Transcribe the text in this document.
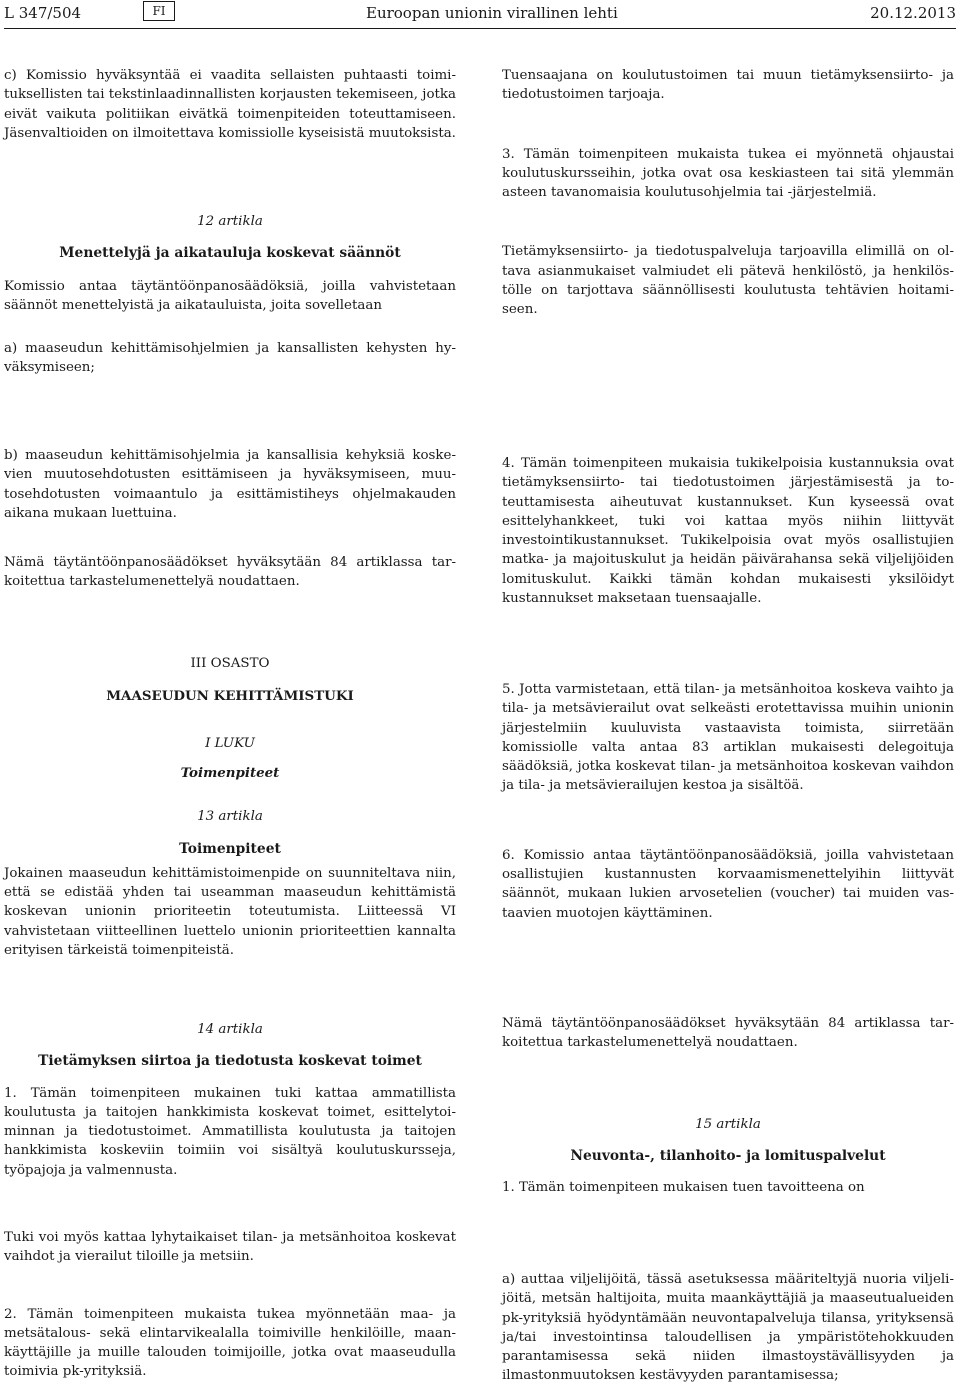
L 347/504	FI	Euroopan unionin virallinen lehti	20.12.2013

c) Komissio hyväksyntää ei vaadita sellaisten puhtaasti toimituksellisten tai tekstinlaadinnallisten korjausten tekemiseen, jotka eivät vaikuta politiikan eivätkä toimenpiteiden toteuttamiseen. Jäsenvaltioiden on ilmoitettava komissiolle kyseisistä muutoksista.

12 artikla

Menettelyjä ja aikatauluja koskevat säännöt

Komissio antaa täytäntöönpanosäädöksiä, joilla vahvistetaan säännöt menettelyistä ja aikatauluista, joita sovelletaan

a) maaseudun kehittämisohjelmien ja kansallisten kehysten hyväksymiseen;

Tuensaajana on koulutustoimen tai muun tietämyksensiirto- ja tiedotustoimen tarjoaja.

3. Tämän toimenpiteen mukaista tukea ei myönnetä ohjaustai koulutuskursseihin, jotka ovat osa keskiasteen tai sitä ylemmän asteen tavanomaisia koulutusohjelmia tai -järjestelmiä.

Tietämyksensiirto- ja tiedotuspalveluja tarjoavilla elimillä on oltava asianmukaiset valmiudet eli pätevä henkilöstö, ja henkilöstölle on tarjottava säännöllisesti koulutusta tehtävien hoitamiseen.

b) maaseudun kehittämisohjelmia ja kansallisia kehyksiä koskevien muutosehdotusten esittämiseen ja hyväksymiseen, muutosehdotusten voimaantulo ja esittämistiheys ohjelmakauden aikana mukaan luettuina.

Nämä täytäntöönpanosäädökset hyväksytään 84 artiklassa tarkoitettua tarkastelumenettelyä noudattaen.

4. Tämän toimenpiteen mukaisia tukikelpoisia kustannuksia ovat tietämyksensiirto- tai tiedotustoimen järjestämisestä ja toteuttamisesta aiheutuvat kustannukset. Kun kyseessä ovat esittelyhankkeet, tuki voi kattaa myös niihin liittyvät investointikustannukset. Tukikelpoisia ovat myös osallistujien matka- ja majoituskulut ja heidän päivärahansa sekä viljelijöiden lomituskulut. Kaikki tämän kohdan mukaisesti yksilöidyt kustannukset maksetaan tuensaajalle.

III OSASTO

MAASEUDUN KEHITTÄMISTUKI

I LUKU

Toimenpiteet

13 artikla

Toimenpiteet

Jokainen maaseudun kehittämistoimenpide on suunniteltava niin, että se edistää yhden tai useamman maaseudun kehittämistä koskevan unionin prioriteetin toteutumista. Liitteessä VI vahvistetaan viitteellinen luettelo unionin prioriteettien kannalta erityisen tärkeistä toimenpiteistä.

5. Jotta varmistetaan, että tilan- ja metsänhoitoa koskeva vaihto ja tila- ja metsävierailut ovat selkeästi erotettavissa muihin unionin järjestelmiin kuuluvista vastaavista toimista, siirretään komissiolle valta antaa 83 artiklan mukaisesti delegoituja säädöksiä, jotka koskevat tilan- ja metsänhoitoa koskevan vaihdon ja tila- ja metsävierailujen kestoa ja sisältöä.

6. Komissio antaa täytäntöönpanosäädöksiä, joilla vahvistetaan osallistujien kustannusten korvaamismenettelyihin liittyvät säännöt, mukaan lukien arvosetelien (voucher) tai muiden vastaavien muotojen käyttäminen.

14 artikla

Tietämyksen siirtoa ja tiedotusta koskevat toimet

1. Tämän toimenpiteen mukainen tuki kattaa ammatillista koulutusta ja taitojen hankkimista koskevat toimet, esittelytoiminnan ja tiedotustoimet. Ammatillista koulutusta ja taitojen hankkimista koskeviin toimiin voi sisältyä koulutuskursseja, työpajoja ja valmennusta.

Nämä täytäntöönpanosäädökset hyväksytään 84 artiklassa tarkoitettua tarkastelumenettelyä noudattaen.

15 artikla

Neuvonta-, tilanhoito- ja lomituspalvelut

1. Tämän toimenpiteen mukaisen tuen tavoitteena on

Tuki voi myös kattaa lyhytaikaiset tilan- ja metsänhoitoa koskevat vaihdot ja vierailut tiloille ja metsiin.

2. Tämän toimenpiteen mukaista tukea myönnetään maa- ja metsätalous- sekä elintarvikealalla toimiville henkilöille, maankäyttäjille ja muille talouden toimijoille, jotka ovat maaseudulla toimivia pk-yrityksiä.

a) auttaa viljelijöitä, tässä asetuksessa määriteltyjä nuoria viljelijöitä, metsän haltijoita, muita maankäyttäjiä ja maaseutualueiden pk-yrityksiä hyödyntämään neuvontapalveluja tilansa, yrityksensä ja/tai investointinsa taloudellisen ja ympäristötehokkuuden parantamisessa sekä niiden ilmastoystävällisyyden ja ilmastonmuutoksen kestävyyden parantamisessa;
